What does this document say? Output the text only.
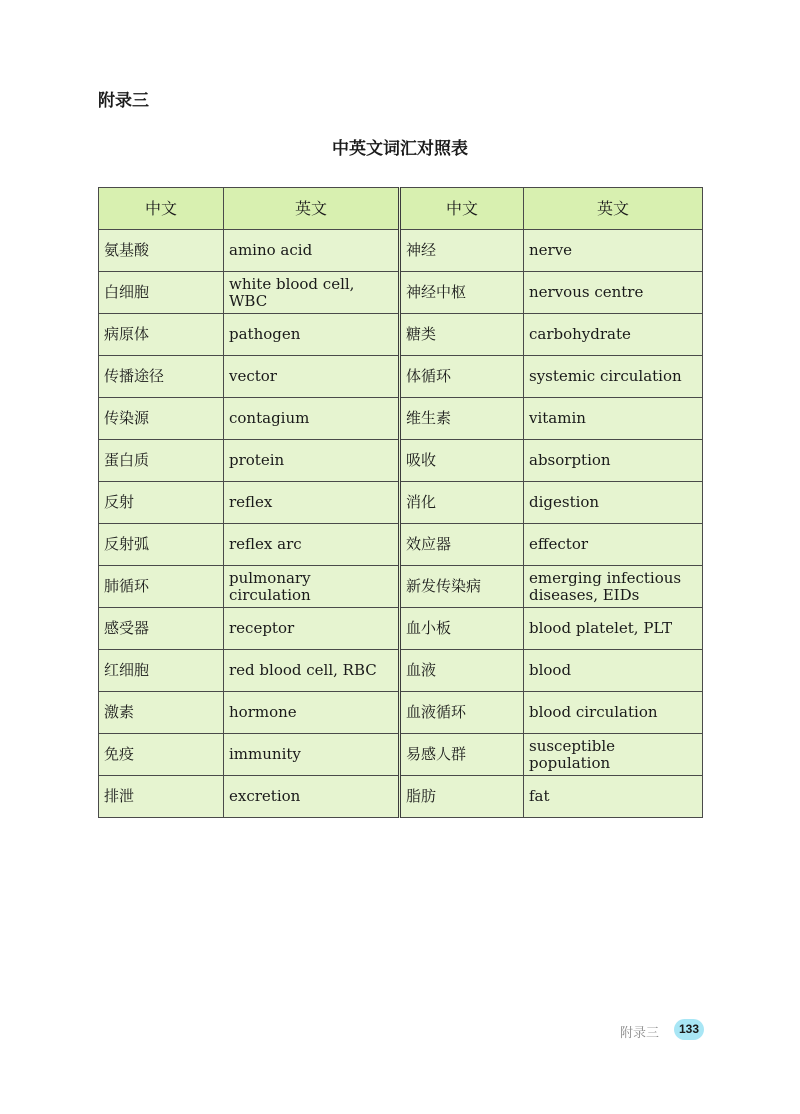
附录三
中英文词汇对照表
中文	英文	中文	英文
氨基酸	amino acid	神经	nerve
白细胞	white blood cell, WBC	神经中枢	nervous centre
病原体	pathogen	糖类	carbohydrate
传播途径	vector	体循环	systemic circulation
传染源	contagium	维生素	vitamin
蛋白质	protein	吸收	absorption
反射	reflex	消化	digestion
反射弧	reflex arc	效应器	effector
肺循环	pulmonary circulation	新发传染病	emerging infectious diseases, EIDs
感受器	receptor	血小板	blood platelet, PLT
红细胞	red blood cell, RBC	血液	blood
激素	hormone	血液循环	blood circulation
免疫	immunity	易感人群	susceptible population
排泄	excretion	脂肪	fat
附录三	133
